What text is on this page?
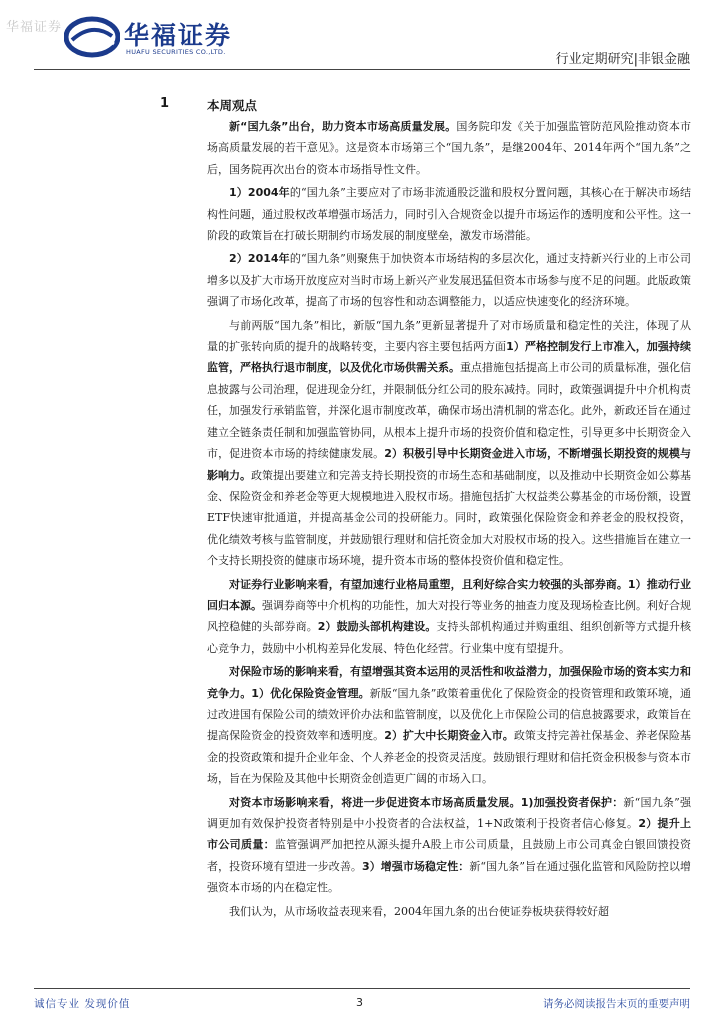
华福证券 华福证券
HUAFU SECURITIES CO.,LTD.	行业定期研究|非银金融
1	本周观点

新“国九条”出台，助力资本市场高质量发展。国务院印发《关于加强监管防范风险推动资本市场高质量发展的若干意见》。这是资本市场第三个“国九条”，是继2004年、2014年两个“国九条”之后，国务院再次出台的资本市场指导性文件。

1）2004年的“国九条”主要应对了市场非流通股泛滥和股权分置问题，其核心在于解决市场结构性问题，通过股权改革增强市场活力，同时引入合规资金以提升市场运作的透明度和公平性。这一阶段的政策旨在打破长期制约市场发展的制度壁垒，激发市场潜能。

2）2014年的“国九条”则聚焦于加快资本市场结构的多层次化，通过支持新兴行业的上市公司增多以及扩大市场开放度应对当时市场上新兴产业发展迅猛但资本市场参与度不足的问题。此版政策强调了市场化改革，提高了市场的包容性和动态调整能力，以适应快速变化的经济环境。

与前两版“国九条”相比，新版“国九条”更新显著提升了对市场质量和稳定性的关注，体现了从量的扩张转向质的提升的战略转变，主要内容主要包括两方面1）严格控制发行上市准入，加强持续监管，严格执行退市制度，以及优化市场供需关系。重点措施包括提高上市公司的质量标准，强化信息披露与公司治理，促进现金分红，并限制低分红公司的股东减持。同时，政策强调提升中介机构责任，加强发行承销监管，并深化退市制度改革，确保市场出清机制的常态化。此外，新政还旨在通过建立全链条责任制和加强监管协同，从根本上提升市场的投资价值和稳定性，引导更多中长期资金入市，促进资本市场的持续健康发展。2）积极引导中长期资金进入市场，不断增强长期投资的规模与影响力。政策提出要建立和完善支持长期投资的市场生态和基础制度，以及推动中长期资金如公募基金、保险资金和养老金等更大规模地进入股权市场。措施包括扩大权益类公募基金的市场份额，设置ETF快速审批通道，并提高基金公司的投研能力。同时，政策强化保险资金和养老金的股权投资，优化绩效考核与监管制度，并鼓励银行理财和信托资金加大对股权市场的投入。这些措施旨在建立一个支持长期投资的健康市场环境，提升资本市场的整体投资价值和稳定性。

对证券行业影响来看，有望加速行业格局重塑，且利好综合实力较强的头部券商。1）推动行业回归本源。强调券商等中介机构的功能性，加大对投行等业务的抽查力度及现场检查比例。利好合规风控稳健的头部券商。2）鼓励头部机构建设。支持头部机构通过并购重组、组织创新等方式提升核心竞争力，鼓励中小机构差异化发展、特色化经营。行业集中度有望提升。

对保险市场的影响来看，有望增强其资本运用的灵活性和收益潜力，加强保险市场的资本实力和竞争力。1）优化保险资金管理。新版“国九条”政策着重优化了保险资金的投资管理和政策环境，通过改进国有保险公司的绩效评价办法和监管制度，以及优化上市保险公司的信息披露要求，政策旨在提高保险资金的投资效率和透明度。2）扩大中长期资金入市。政策支持完善社保基金、养老保险基金的投资政策和提升企业年金、个人养老金的投资灵活度。鼓励银行理财和信托资金积极参与资本市场，旨在为保险及其他中长期资金创造更广阔的市场入口。

对资本市场影响来看，将进一步促进资本市场高质量发展。1)加强投资者保护：新“国九条”强调更加有效保护投资者特别是中小投资者的合法权益，1+N政策利于投资者信心修复。2）提升上市公司质量：监管强调严加把控从源头提升A股上市公司质量，且鼓励上市公司真金白银回馈投资者，投资环境有望进一步改善。3）增强市场稳定性：新“国九条”旨在通过强化监管和风险防控以增强资本市场的内在稳定性。

我们认为，从市场收益表现来看，2004年国九条的出台使证券板块获得较好超

诚信专业 发现价值	3	请务必阅读报告末页的重要声明
